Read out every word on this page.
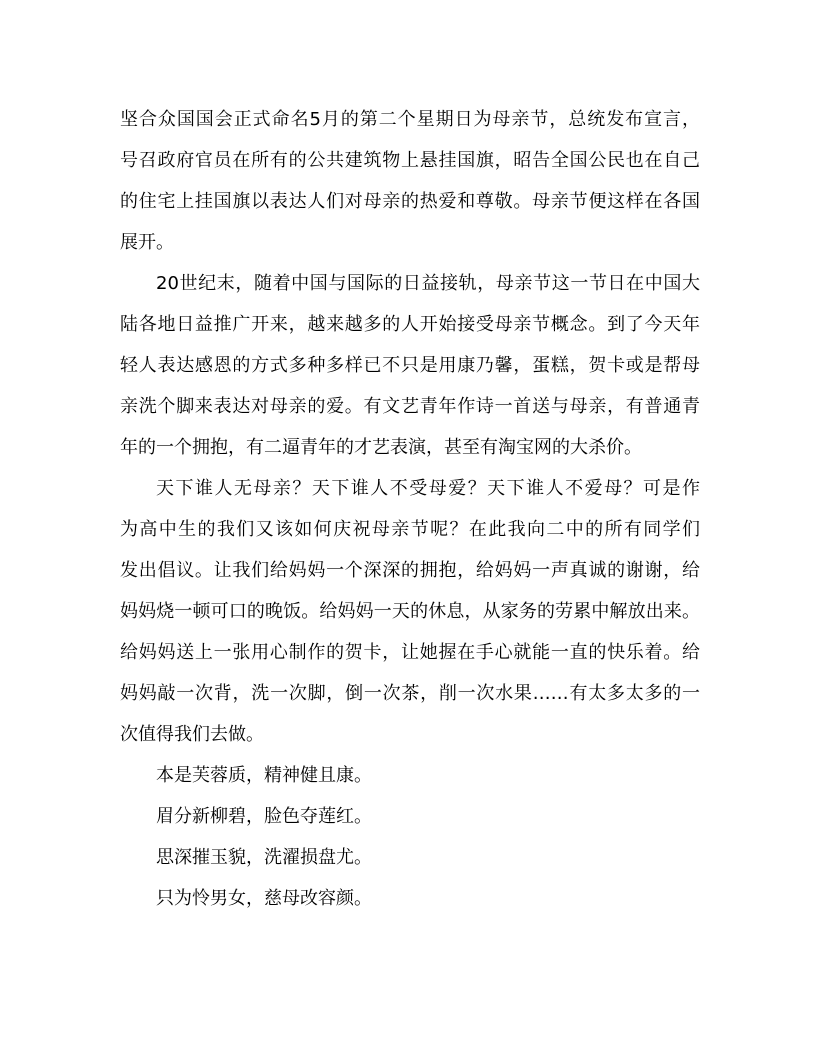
坚合众国国会正式命名5月的第二个星期日为母亲节，总统发布宣言，

号召政府官员在所有的公共建筑物上悬挂国旗，昭告全国公民也在自己

的住宅上挂国旗以表达人们对母亲的热爱和尊敬。母亲节便这样在各国

展开。

20世纪末，随着中国与国际的日益接轨，母亲节这一节日在中国大

陆各地日益推广开来，越来越多的人开始接受母亲节概念。到了今天年

轻人表达感恩的方式多种多样已不只是用康乃馨，蛋糕，贺卡或是帮母

亲洗个脚来表达对母亲的爱。有文艺青年作诗一首送与母亲，有普通青

年的一个拥抱，有二逼青年的才艺表演，甚至有淘宝网的大杀价。

天下谁人无母亲？天下谁人不受母爱？天下谁人不爱母？可是作

为高中生的我们又该如何庆祝母亲节呢？在此我向二中的所有同学们

发出倡议。让我们给妈妈一个深深的拥抱，给妈妈一声真诚的谢谢，给

妈妈烧一顿可口的晚饭。给妈妈一天的休息，从家务的劳累中解放出来。

给妈妈送上一张用心制作的贺卡，让她握在手心就能一直的快乐着。给

妈妈敲一次背，洗一次脚，倒一次茶，削一次水果……有太多太多的一

次值得我们去做。

本是芙蓉质，精神健且康。

眉分新柳碧，脸色夺莲红。

思深摧玉貌，洗濯损盘尤。

只为怜男女，慈母改容颜。
